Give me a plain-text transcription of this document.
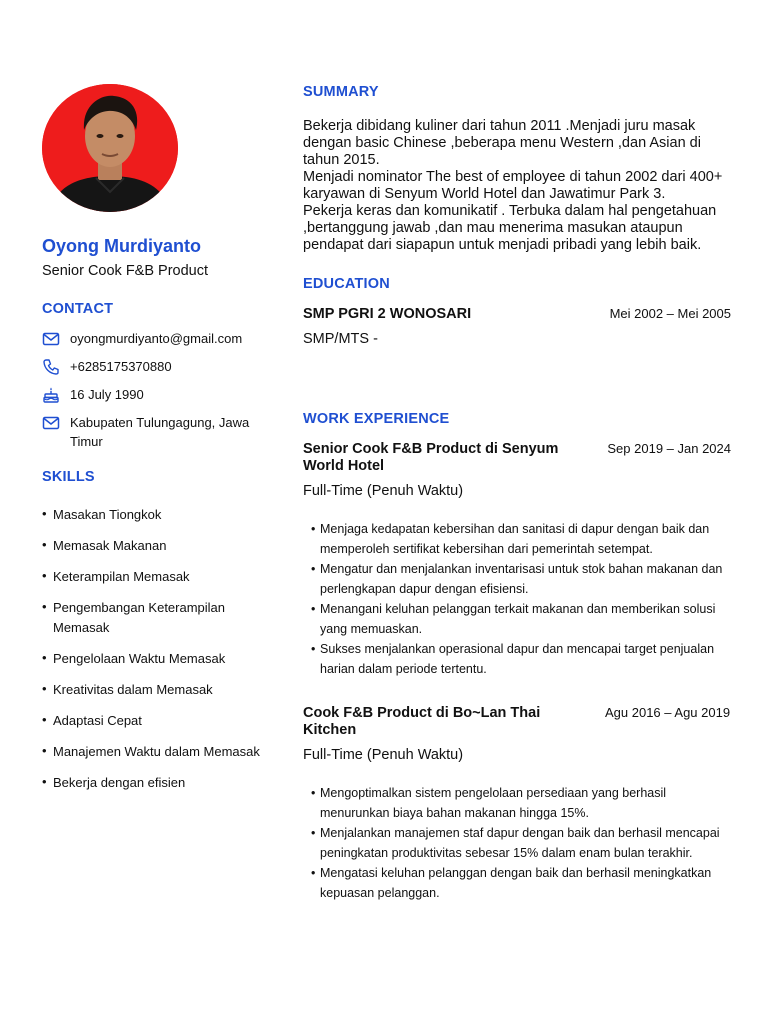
Oyong Murdiyanto
Senior Cook F&B Product
CONTACT
oyongmurdiyanto@gmail.com
+6285175370880
16 July 1990
Kabupaten Tulungagung, Jawa Timur
SKILLS
• Masakan Tiongkok
• Memasak Makanan
• Keterampilan Memasak
• Pengembangan Keterampilan Memasak
• Pengelolaan Waktu Memasak
• Kreativitas dalam Memasak
• Adaptasi Cepat
• Manajemen Waktu dalam Memasak
• Bekerja dengan efisien
SUMMARY

Bekerja dibidang kuliner dari tahun 2011 .Menjadi juru masak dengan basic Chinese ,beberapa menu Western ,dan Asian di tahun 2015.

Menjadi nominator The best of employee di tahun 2002 dari 400+ karyawan di Senyum World Hotel dan Jawatimur Park 3.

Pekerja keras dan komunikatif . Terbuka dalam hal pengetahuan ,bertanggung jawab ,dan mau menerima masukan ataupun pendapat dari siapapun untuk menjadi pribadi yang lebih baik.

EDUCATION
SMP PGRI 2 WONOSARI	Mei 2002 – Mei 2005
SMP/MTS -
WORK EXPERIENCE
Senior Cook F&B Product di Senyum World Hotel
Sep 2019 – Jan 2024
Full-Time (Penuh Waktu)
• Menjaga kedapatan kebersihan dan sanitasi di dapur dengan baik dan memperoleh sertifikat kebersihan dari pemerintah setempat.
• Mengatur dan menjalankan inventarisasi untuk stok bahan makanan dan perlengkapan dapur dengan efisiensi.
• Menangani keluhan pelanggan terkait makanan dan memberikan solusi yang memuaskan.
• Sukses menjalankan operasional dapur dan mencapai target penjualan harian dalam periode tertentu.
Cook F&B Product di Bo~Lan Thai Kitchen
Agu 2016 – Agu 2019
Full-Time (Penuh Waktu)
• Mengoptimalkan sistem pengelolaan persediaan yang berhasil menurunkan biaya bahan makanan hingga 15%.
• Menjalankan manajemen staf dapur dengan baik dan berhasil mencapai peningkatan produktivitas sebesar 15% dalam enam bulan terakhir.
• Mengatasi keluhan pelanggan dengan baik dan berhasil meningkatkan kepuasan pelanggan.
